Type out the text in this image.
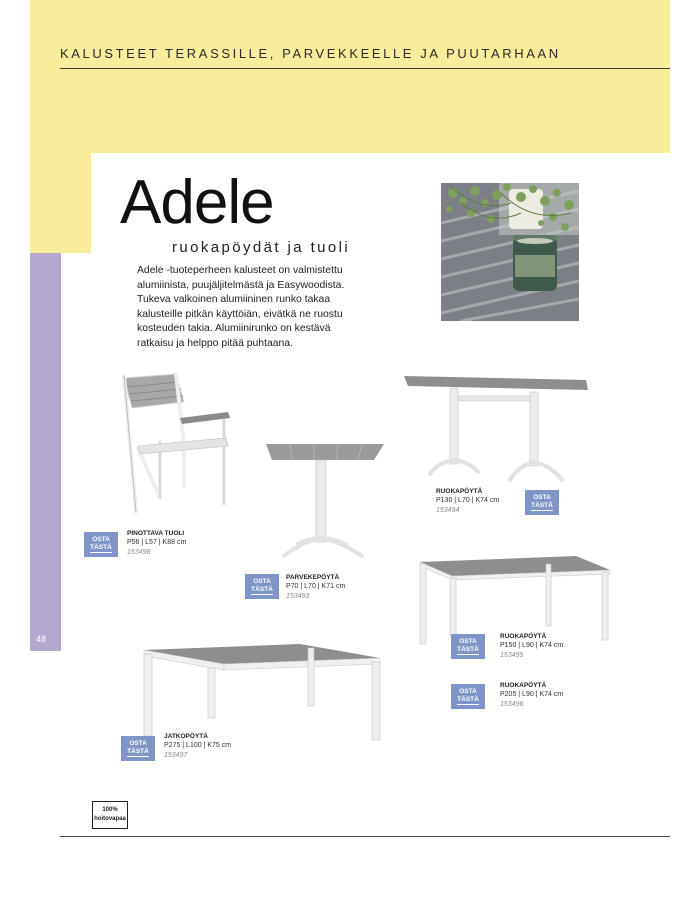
KALUSTEET TERASSILLE, PARVEKKEELLE JA PUUTARHAAN
48
Adele
ruokapöydät ja tuoli
Adele -tuoteperheen kalusteet on valmistettu alumiinista, puujäljitelmästä ja Easywoodista. Tukeva valkoinen alumiininen runko takaa kalusteille pitkän käyttöiän, eivätkä ne ruostu kosteuden takia. Alumiinirunko on kestävä ratkaisu ja helppo pitää puhtaana.
OSTA
TÄSTÄ
PINOTTAVA TUOLI
P56 | L57 | K88 cm
153498
OSTA
TÄSTÄ
PARVEKEPÖYTÄ
P70 | L70 | K71 cm
153493
OSTA
TÄSTÄ
RUOKAPÖYTÄ
P130 | L70 | K74 cm
153494
OSTA
TÄSTÄ
RUOKAPÖYTÄ
P150 | L90 | K74 cm
153495
OSTA
TÄSTÄ
RUOKAPÖYTÄ
P205 | L90 | K74 cm
153496
OSTA
TÄSTÄ
JATKOPÖYTÄ
P275 | L100 | K75 cm
153497
100%
hoitovapaa
